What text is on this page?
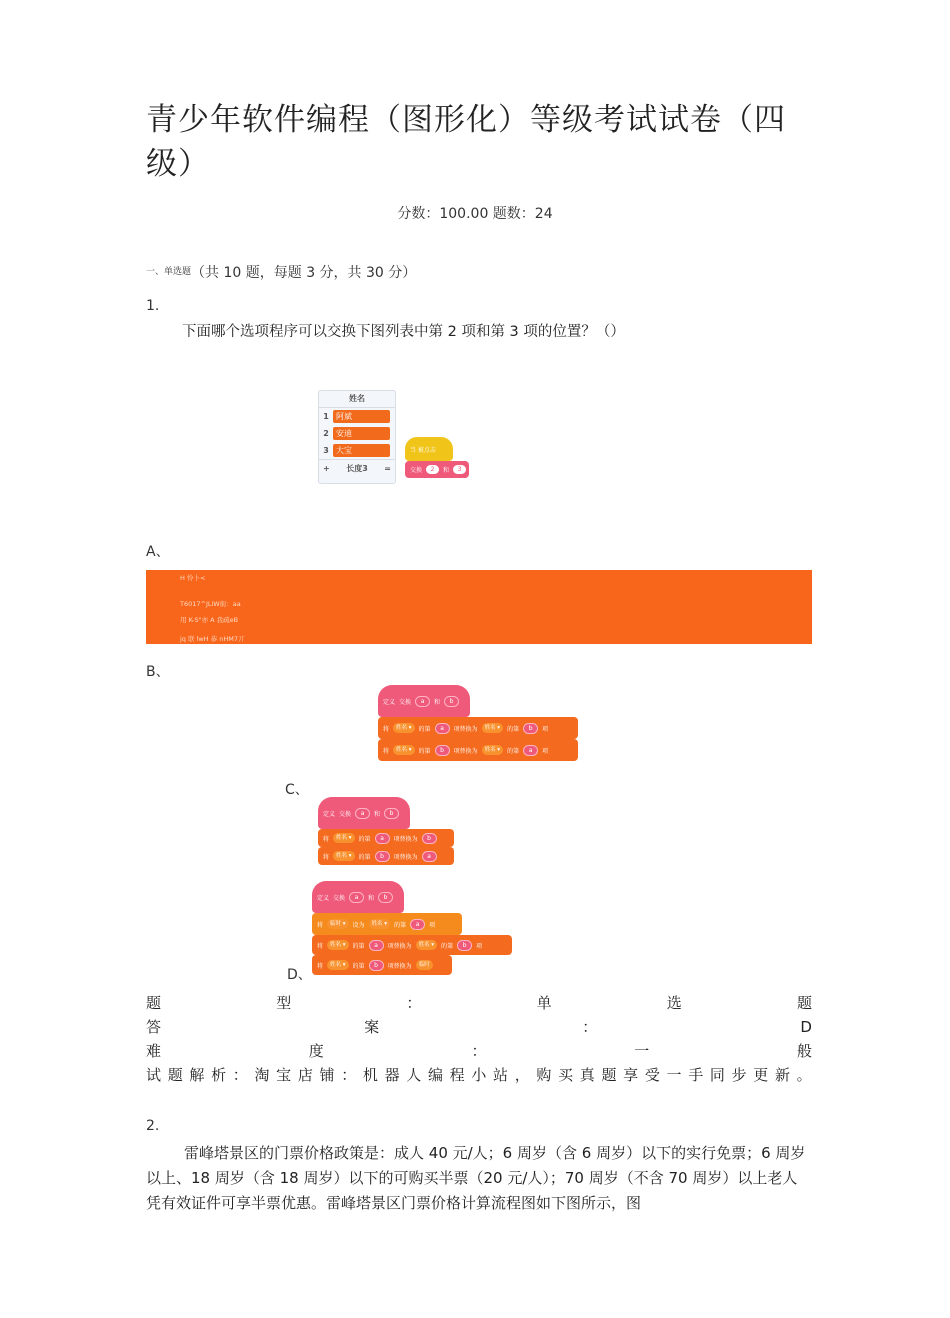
青少年软件编程（图形化）等级考试试卷（四级）
分数：100.00 题数：24
$^{一、单选题}$（共 10 题，每题 3 分，共 30 分）
1.
下面哪个选项程序可以交换下图列表中第 2 项和第 3 项的位置？（）
姓名
1 阿斌
2 安迪
3 大宝
+ 长度3 =
当 被点击
交换	2	和	3
A、
H 怜卜<
T6017^JLiW街：aa
用 K-S"亦 A 我疏eB
jq 联 lwH 恭 nHM7丌
B、
定义 交换	a	和	b
将	姓名 ▾	的第	a	项替换为	姓名 ▾	的第	b	项
将	姓名 ▾	的第	b	项替换为	姓名 ▾	的第	a	项
C、
定义 交换	a	和	b
将	姓名 ▾	的第	a	项替换为	b
将	姓名 ▾	的第	b	项替换为	a
定义 交换	a	和	b
将	临时 ▾	设为	姓名 ▾	的第	a	项
将	姓名 ▾	的第	a	项替换为	姓名 ▾	的第	b	项
将	姓名 ▾	的第	b	项替换为	临时
D、
题	型	：	单	选	题
答	案	：	D
难	度	：	一	般
试 题 解 析 ： 淘 宝 店 铺 ： 机 器 人 编 程 小 站 ， 购 买 真 题 享 受 一 手 同 步 更 新 。
2.
雷峰塔景区的门票价格政策是：成人 40 元/人；6 周岁（含 6 周岁）以下的实行免票；6 周岁以上、18 周岁（含 18 周岁）以下的可购买半票（20 元/人）；70 周岁（不含 70 周岁）以上老人凭有效证件可享半票优惠。雷峰塔景区门票价格计算流程图如下图所示，图
